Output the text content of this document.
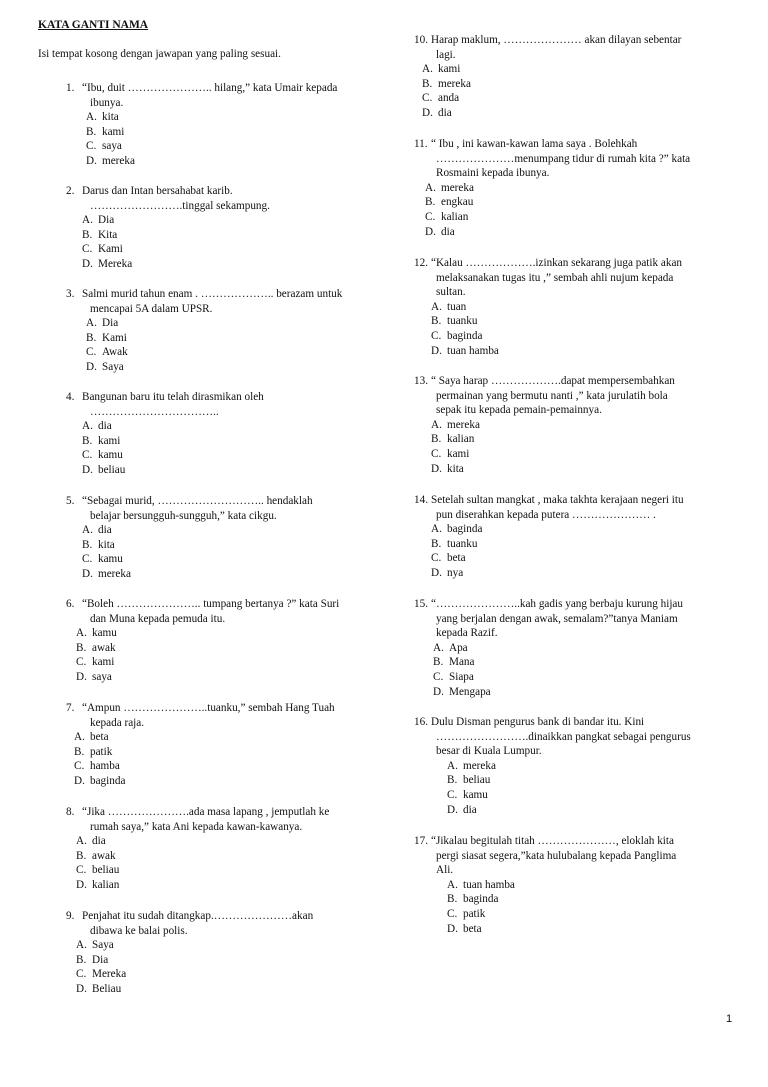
KATA GANTI NAMA
Isi tempat kosong dengan jawapan yang paling sesuai.
1. “Ibu, duit ………………….. hilang,” kata Umair kepada
ibunya.
A. kita
B. kami
C. saya
D. mereka
2. Darus dan Intan bersahabat karib.
…………………….tinggal sekampung.
A. Dia
B. Kita
C. Kami
D. Mereka
3. Salmi murid tahun enam . ……………….. berazam untuk
mencapai 5A dalam UPSR.
A. Dia
B. Kami
C. Awak
D. Saya
4. Bangunan baru itu telah dirasmikan oleh
……………………………..
A. dia
B. kami
C. kamu
D. beliau
5. “Sebagai murid, ……………………….. hendaklah
belajar bersungguh-sungguh,” kata cikgu.
A. dia
B. kita
C. kamu
D. mereka
6. “Boleh ………………….. tumpang bertanya ?” kata Suri
dan Muna kepada pemuda itu.
A. kamu
B. awak
C. kami
D. saya
7. “Ampun …………………..tuanku,” sembah Hang Tuah
kepada raja.
A. beta
B. patik
C. hamba
D. baginda
8. “Jika ………………….ada masa lapang , jemputlah ke
rumah saya,” kata Ani kepada kawan-kawanya.
A. dia
B. awak
C. beliau
D. kalian
9. Penjahat itu sudah ditangkap.…………………akan
dibawa ke balai polis.
A. Saya
B. Dia
C. Mereka
D. Beliau
10. Harap maklum, ………………… akan dilayan sebentar
lagi.
A. kami
B. mereka
C. anda
D. dia
11. “ Ibu , ini kawan-kawan lama saya . Bolehkah
…………………menumpang tidur di rumah kita ?” kata
Rosmaini kepada ibunya.
A. mereka
B. engkau
C. kalian
D. dia
12. “Kalau ……………….izinkan sekarang juga patik akan
melaksanakan tugas itu ,” sembah ahli nujum kepada
sultan.
A. tuan
B. tuanku
C. baginda
D. tuan hamba
13. “ Saya harap ……………….dapat mempersembahkan
permainan yang bermutu nanti ,” kata jurulatih bola
sepak itu kepada pemain-pemainnya.
A. mereka
B. kalian
C. kami
D. kita
14. Setelah sultan mangkat , maka takhta kerajaan negeri itu
pun diserahkan kepada putera ………………… .
A. baginda
B. tuanku
C. beta
D. nya
15. “…………………..kah gadis yang berbaju kurung hijau
yang berjalan dengan awak, semalam?”tanya Maniam
kepada Razif.
A. Apa
B. Mana
C. Siapa
D. Mengapa
16. Dulu Disman pengurus bank di bandar itu. Kini
…………………….dinaikkan pangkat sebagai pengurus
besar di Kuala Lumpur.
A. mereka
B. beliau
C. kamu
D. dia
17. “Jikalau begitulah titah …………………, eloklah kita
pergi siasat segera,”kata hulubalang kepada Panglima
Ali.
A. tuan hamba
B. baginda
C. patik
D. beta
1
